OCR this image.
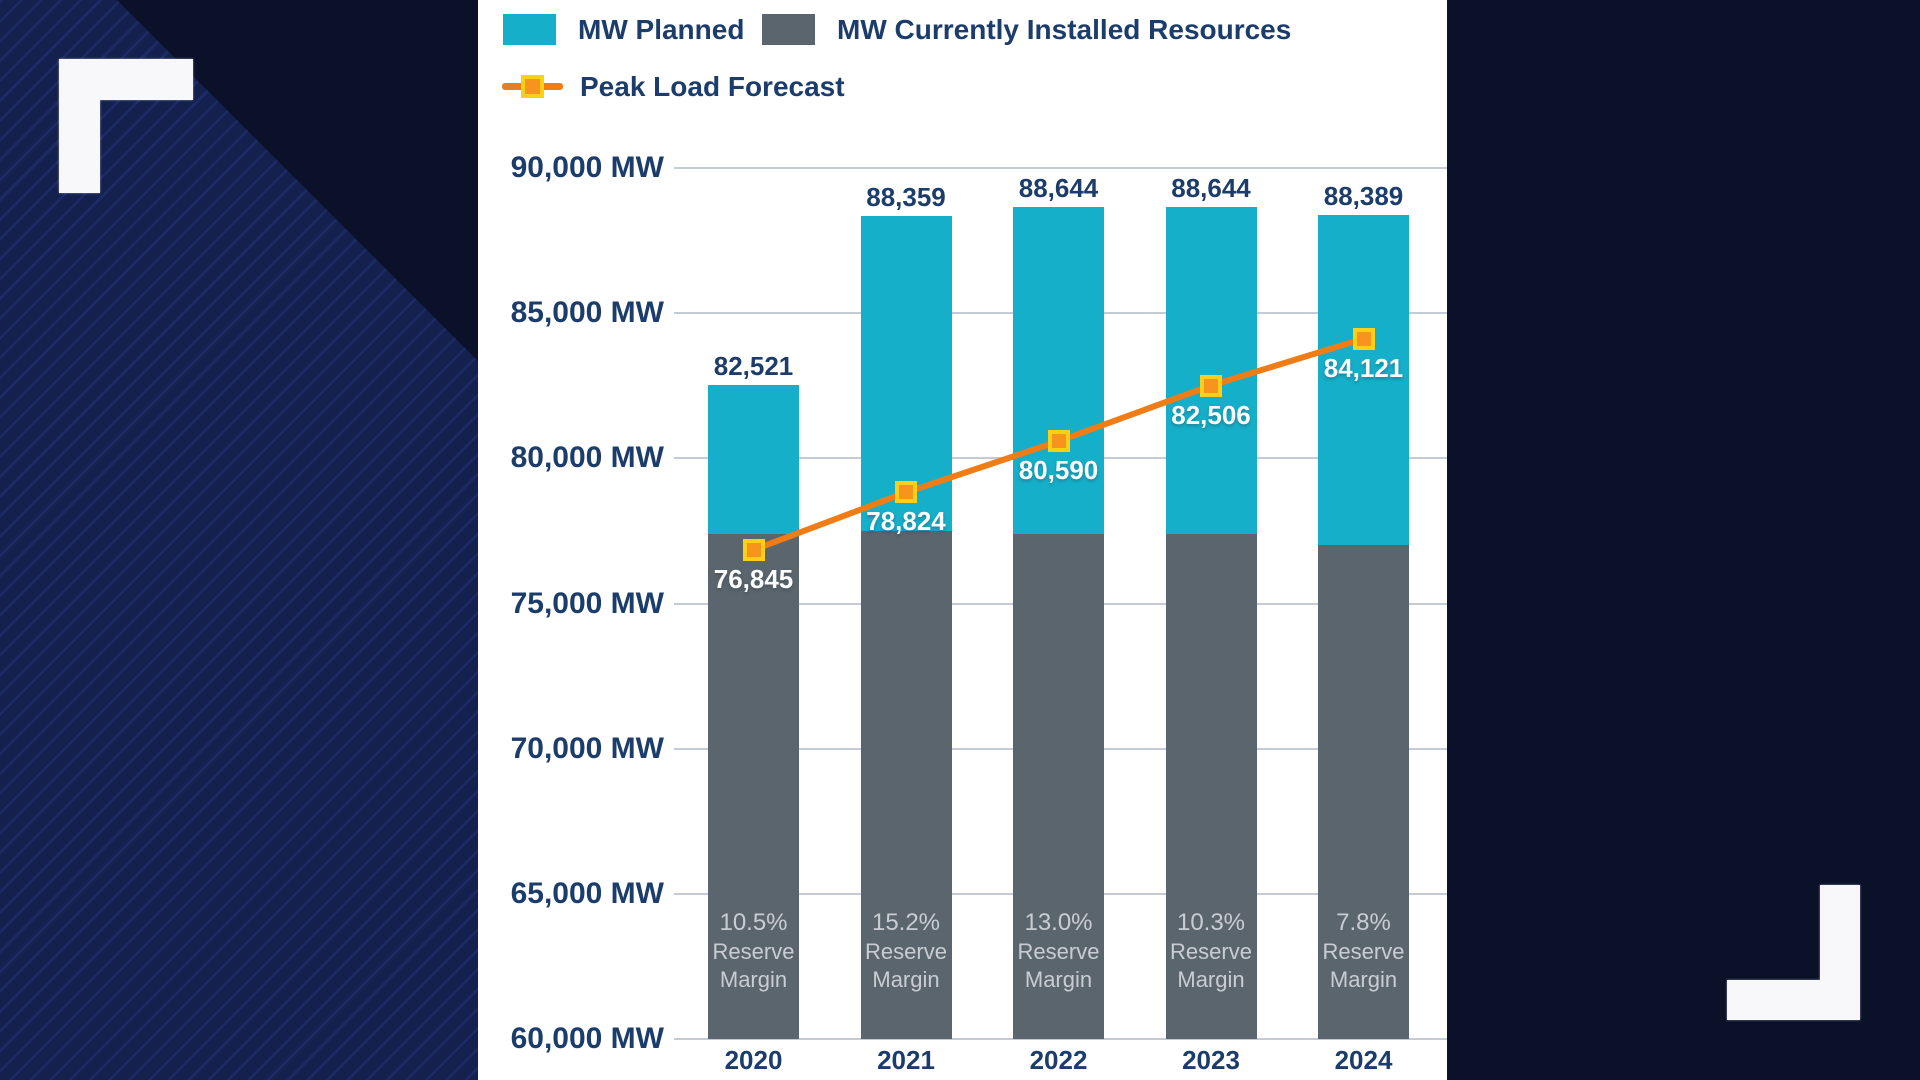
MW Planned	MW Currently Installed Resources
Peak Load Forecast
90,000 MW
85,000 MW
80,000 MW
75,000 MW
70,000 MW
65,000 MW
60,000 MW
82,521
10.5%
Reserve
Margin
2020
88,359
15.2%
Reserve
Margin
2021
88,644
13.0%
Reserve
Margin
2022
88,644
10.3%
Reserve
Margin
2023
88,389
7.8%
Reserve
Margin
2024
76,845
78,824
80,590
82,506
84,121
